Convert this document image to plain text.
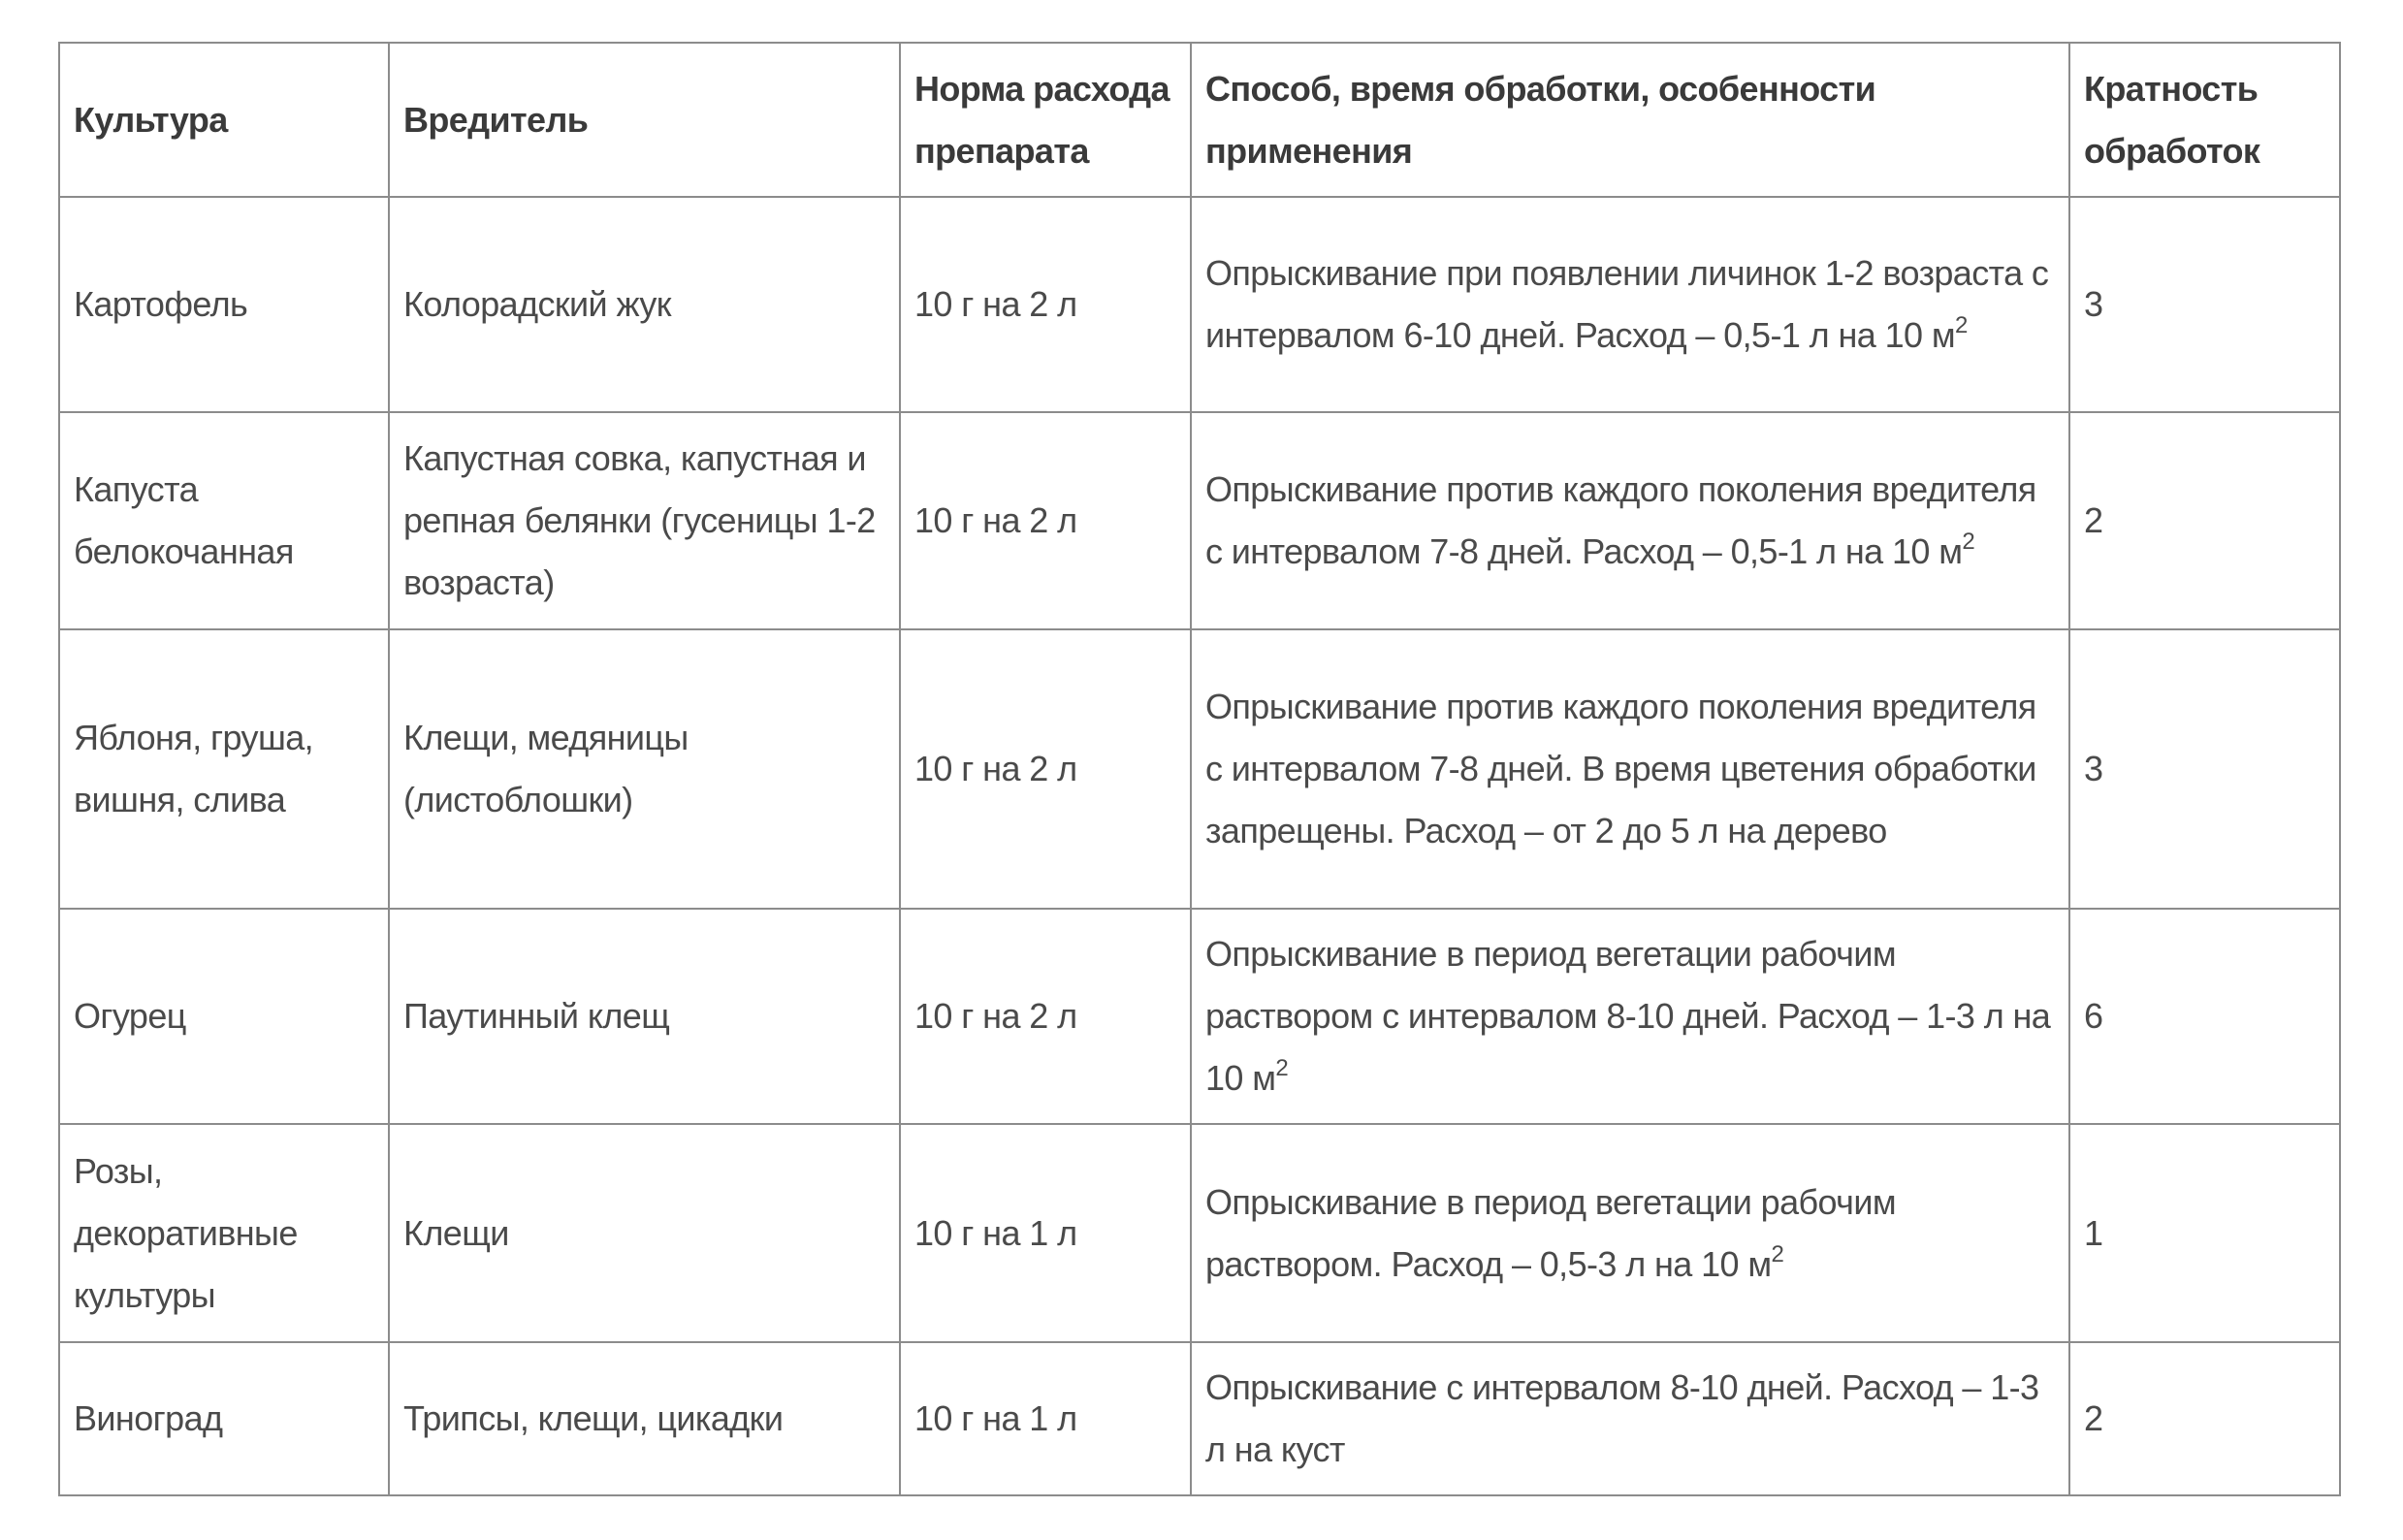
Культура	Вредитель	Норма расхода препарата	Способ, время обработки, особенности применения	Кратность обработок
Картофель	Колорадский жук	10 г на 2 л	Опрыскивание при появлении личинок 1-2 возраста с интервалом 6-10 дней. Расход – 0,5-1 л на 10 $м^2$	3
Капуста белокочанная	Капустная совка, капустная и репная белянки (гусеницы 1-2 возраста)	10 г на 2 л	Опрыскивание против каждого поколения вредителя с интервалом 7-8 дней. Расход – 0,5-1 л на 10 $м^2$	2
Яблоня, груша, вишня, слива	Клещи, медяницы (листоблошки)	10 г на 2 л	Опрыскивание против каждого поколения вредителя с интервалом 7-8 дней. В время цветения обработки запрещены. Расход – от 2 до 5 л на дерево	3
Огурец	Паутинный клещ	10 г на 2 л	Опрыскивание в период вегетации рабочим раствором с интервалом 8-10 дней. Расход – 1-3 л на 10 $м^2$	6
Розы, декоративные культуры	Клещи	10 г на 1 л	Опрыскивание в период вегетации рабочим раствором. Расход – 0,5-3 л на 10 $м^2$	1
Виноград	Трипсы, клещи, цикадки	10 г на 1 л	Опрыскивание с интервалом 8-10 дней. Расход – 1-3 л на куст	2
